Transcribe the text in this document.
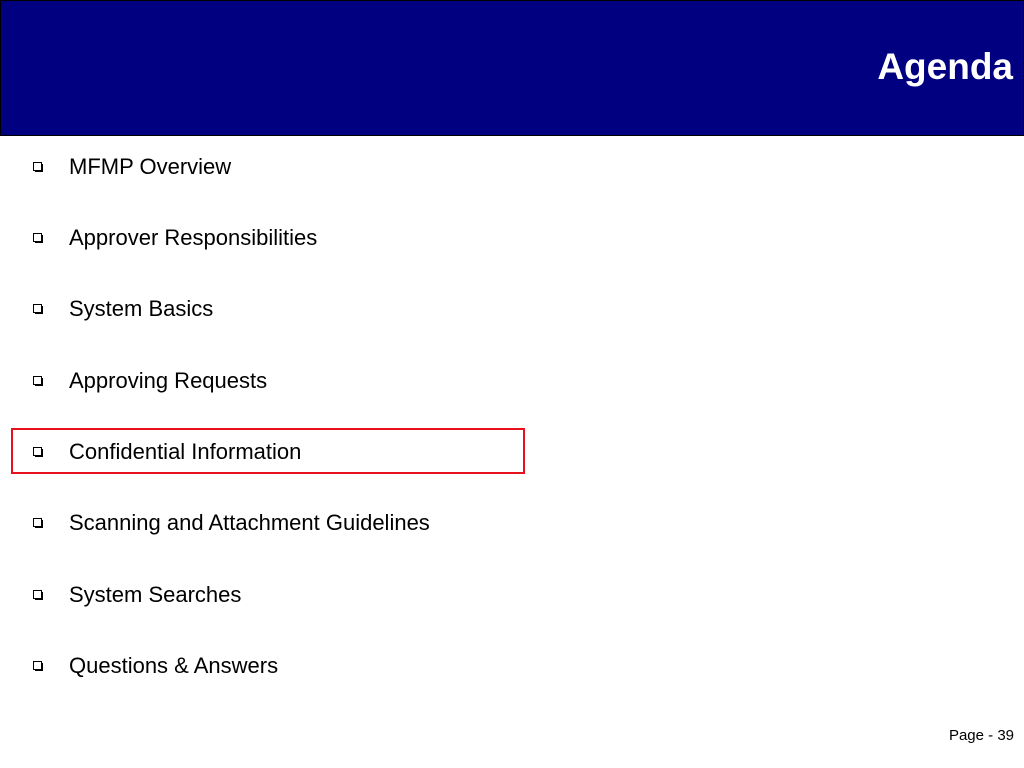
Agenda
MFMP Overview
Approver Responsibilities
System Basics
Approving Requests
Confidential Information
Scanning and Attachment Guidelines
System Searches
Questions & Answers
Page - 39
